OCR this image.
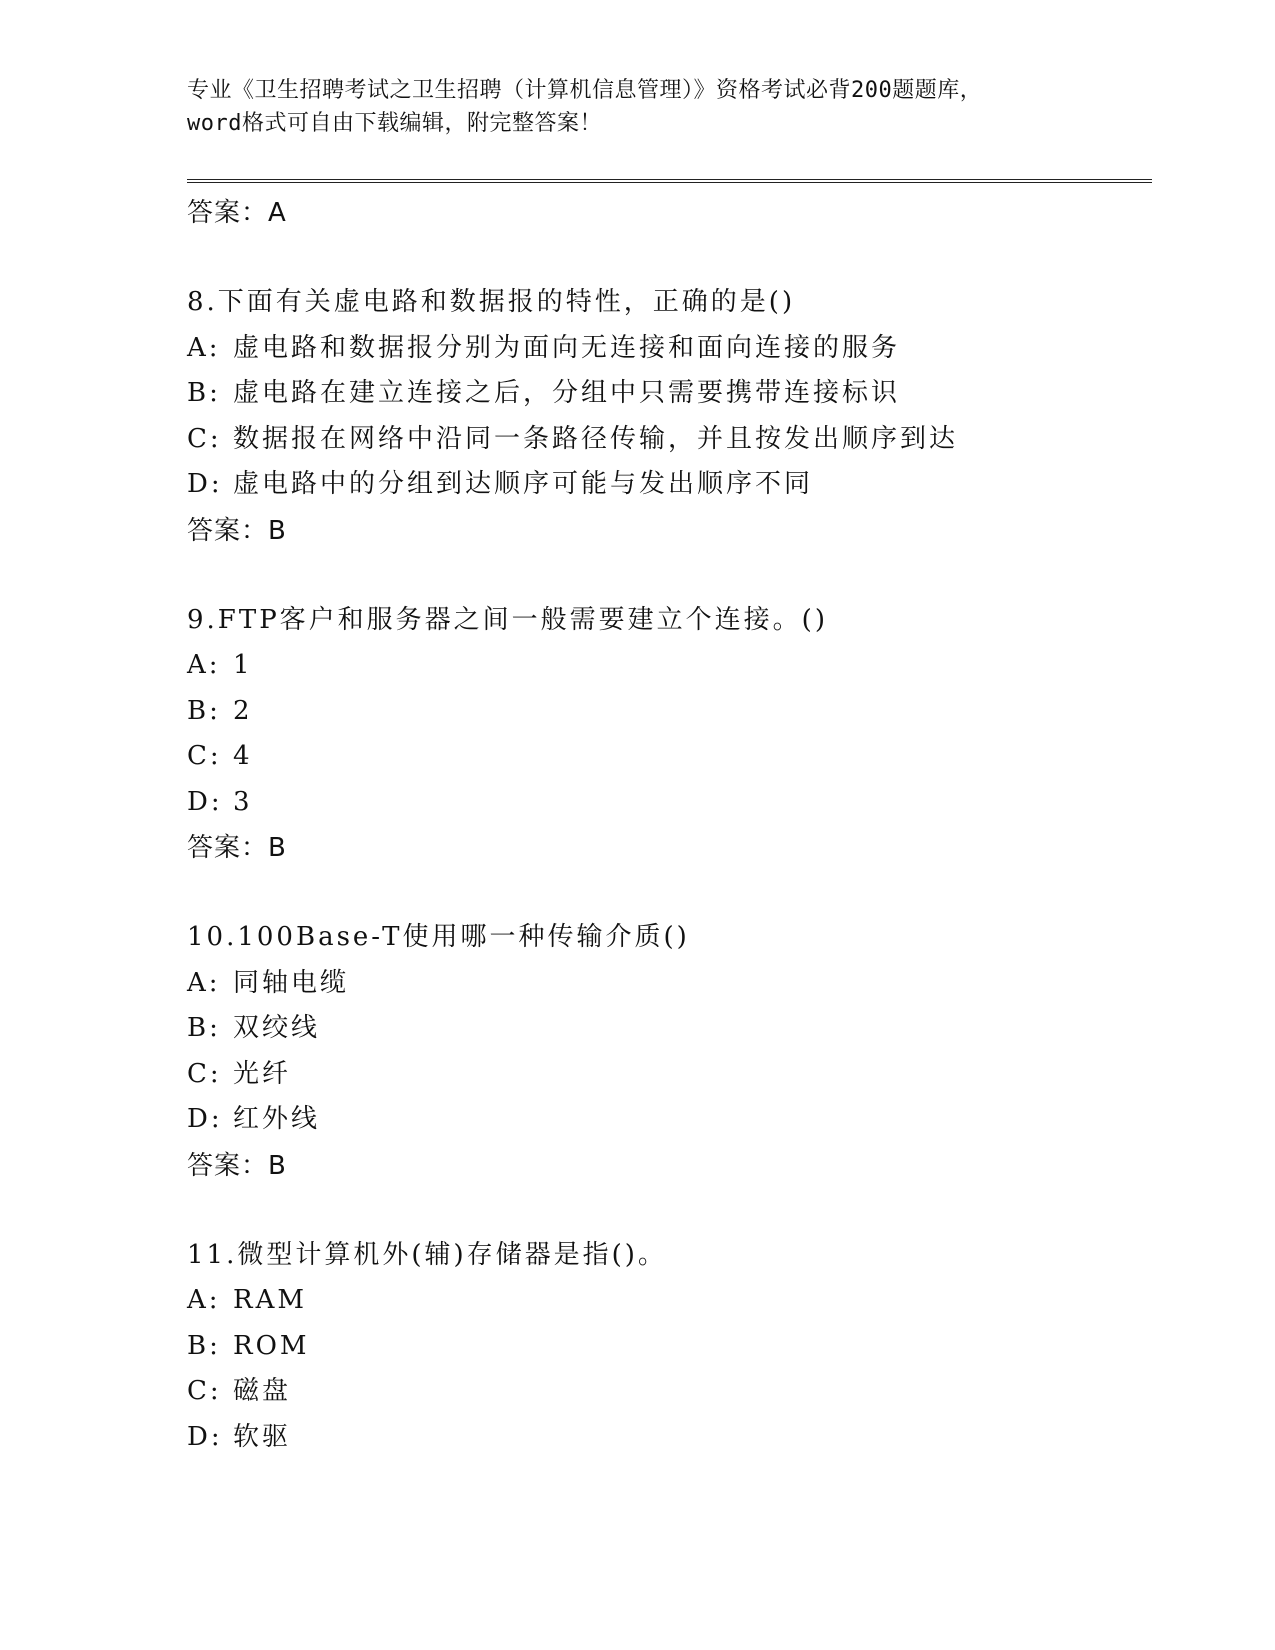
专业《卫生招聘考试之卫生招聘（计算机信息管理）》资格考试必背200题题库，
word格式可自由下载编辑，附完整答案！
答案：A
8.下面有关虚电路和数据报的特性，正确的是()
A: 虚电路和数据报分别为面向无连接和面向连接的服务
B: 虚电路在建立连接之后，分组中只需要携带连接标识
C: 数据报在网络中沿同一条路径传输，并且按发出顺序到达
D: 虚电路中的分组到达顺序可能与发出顺序不同
答案：B
9.FTP客户和服务器之间一般需要建立个连接。()
A: 1
B: 2
C: 4
D: 3
答案：B
10.100Base-T使用哪一种传输介质()
A: 同轴电缆
B: 双绞线
C: 光纤
D: 红外线
答案：B
11.微型计算机外(辅)存储器是指()。
A: RAM
B: ROM
C: 磁盘
D: 软驱
